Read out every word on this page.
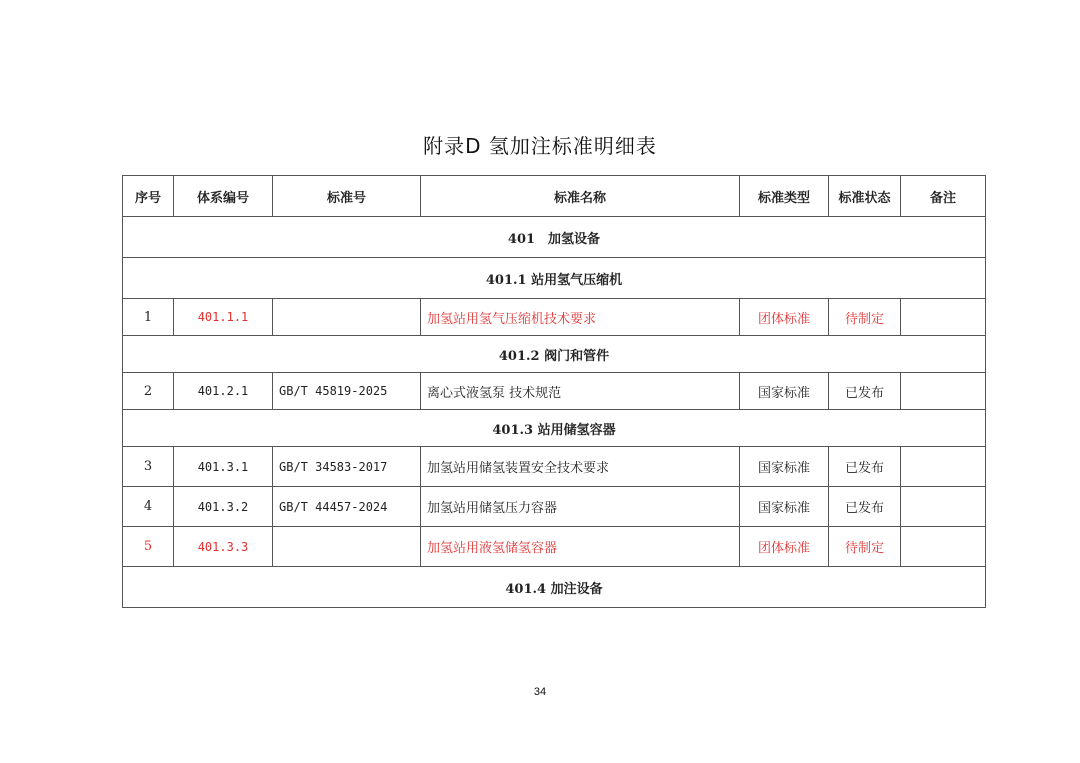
附录D 氢加注标准明细表
序号	体系编号	标准号	标准名称	标准类型	标准状态	备注
401　加氢设备						
401.1 站用氢气压缩机						
1	401.1.1		加氢站用氢气压缩机技术要求	团体标准	待制定	
401.2 阀门和管件						
2	401.2.1	GB/T 45819-2025	离心式液氢泵 技术规范	国家标准	已发布	
401.3 站用储氢容器						
3	401.3.1	GB/T 34583-2017	加氢站用储氢装置安全技术要求	国家标准	已发布	
4	401.3.2	GB/T 44457-2024	加氢站用储氢压力容器	国家标准	已发布	
5	401.3.3		加氢站用液氢储氢容器	团体标准	待制定	
401.4 加注设备						
34
